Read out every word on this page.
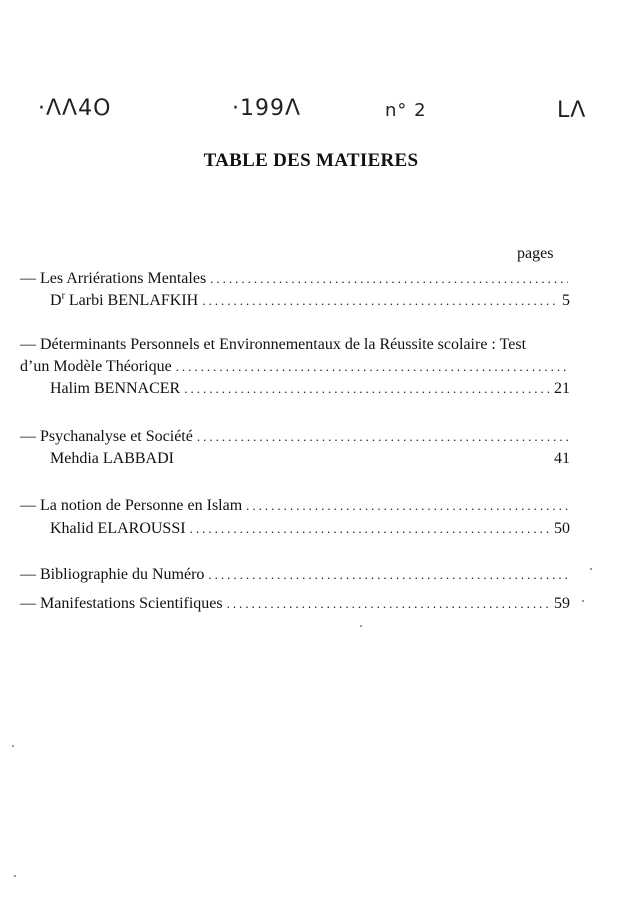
·ΛΛ4Ο	·199Λ	n° 2	LΛ
TABLE DES MATIERES
pages
— Les Arriérations Mentales
.....
$D^r$ Larbi BENLAFKIH .....	5
— Déterminants Personnels et Environnementaux de la Réussite scolaire : Test
d’un Modèle Théorique
.....
Halim BENNACER .....	21
— Psychanalyse et Société
.....
Mehdia LABBADI	41
— La notion de Personne en Islam
.....
Khalid ELAROUSSI .....	50
— Bibliographie du Numéro
.....
— Manifestations Scientifiques .....	59
